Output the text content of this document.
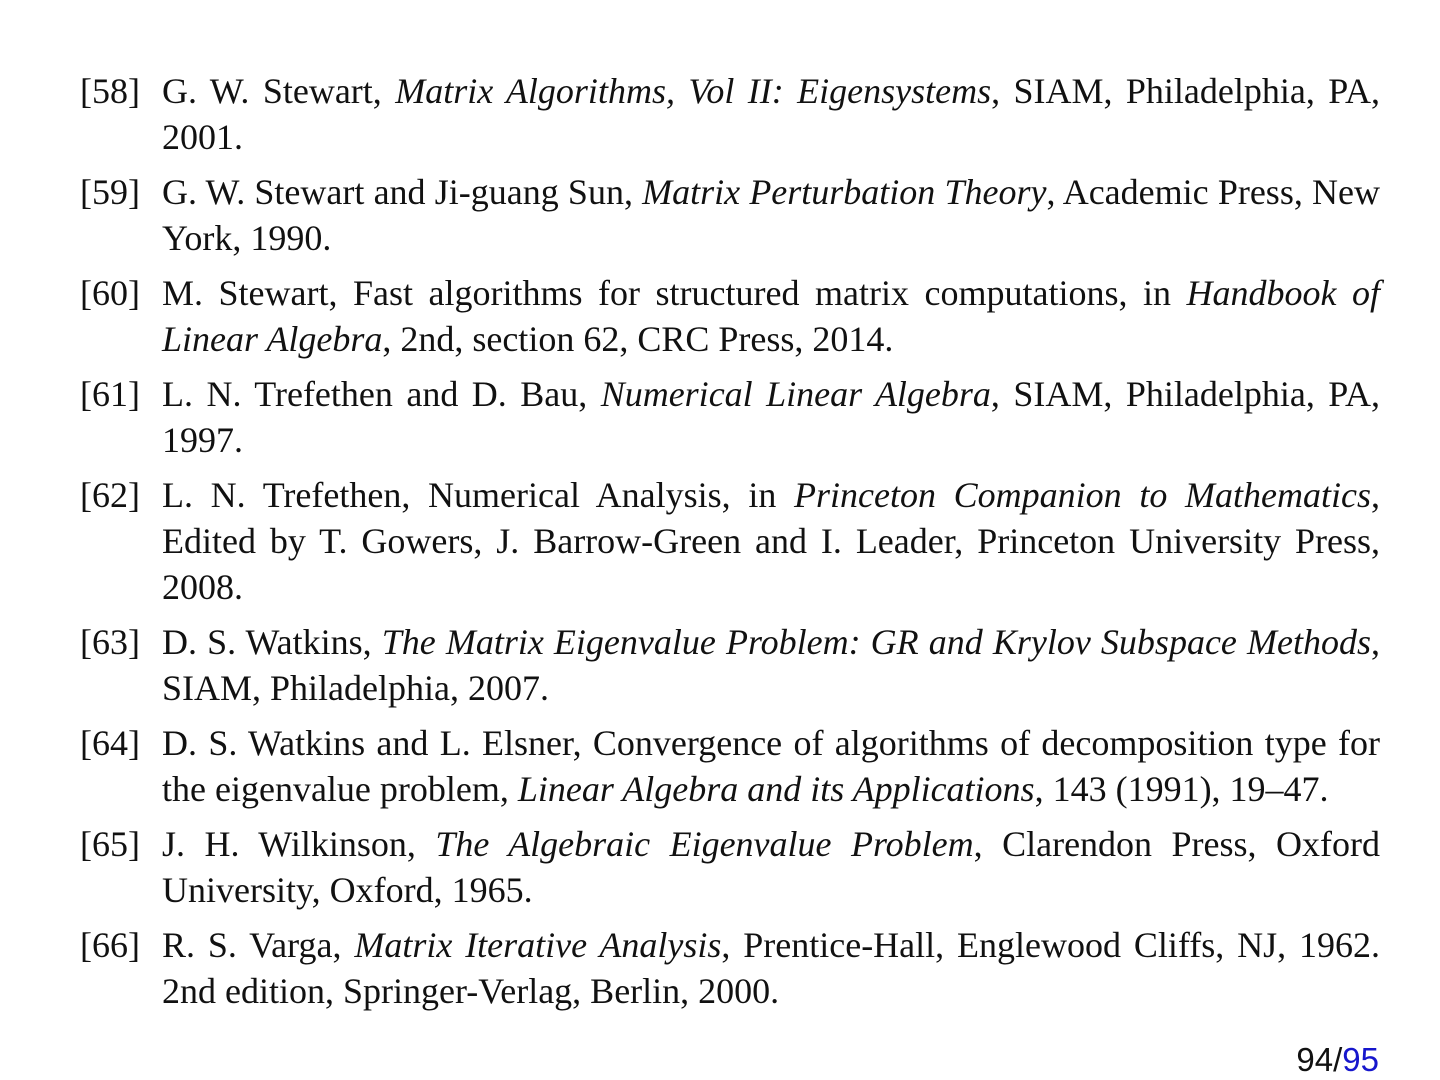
[58] G. W. Stewart, Matrix Algorithms, Vol II: Eigensystems, SIAM, Philadelphia, PA, 2001.
[59] G. W. Stewart and Ji-guang Sun, Matrix Perturbation Theory, Academic Press, New York, 1990.
[60] M. Stewart, Fast algorithms for structured matrix computations, in Handbook of Linear Algebra, 2nd, section 62, CRC Press, 2014.
[61] L. N. Trefethen and D. Bau, Numerical Linear Algebra, SIAM, Philadelphia, PA, 1997.
[62] L. N. Trefethen, Numerical Analysis, in Princeton Companion to Mathematics, Edited by T. Gowers, J. Barrow-Green and I. Leader, Princeton University Press, 2008.
[63] D. S. Watkins, The Matrix Eigenvalue Problem: GR and Krylov Subspace Methods, SIAM, Philadelphia, 2007.
[64] D. S. Watkins and L. Elsner, Convergence of algorithms of decomposition type for the eigenvalue problem, Linear Algebra and its Applications, 143 (1991), 19–47.
[65] J. H. Wilkinson, The Algebraic Eigenvalue Problem, Clarendon Press, Oxford University, Oxford, 1965.
[66] R. S. Varga, Matrix Iterative Analysis, Prentice-Hall, Englewood Cliffs, NJ, 1962. 2nd edition, Springer-Verlag, Berlin, 2000.
94/95
